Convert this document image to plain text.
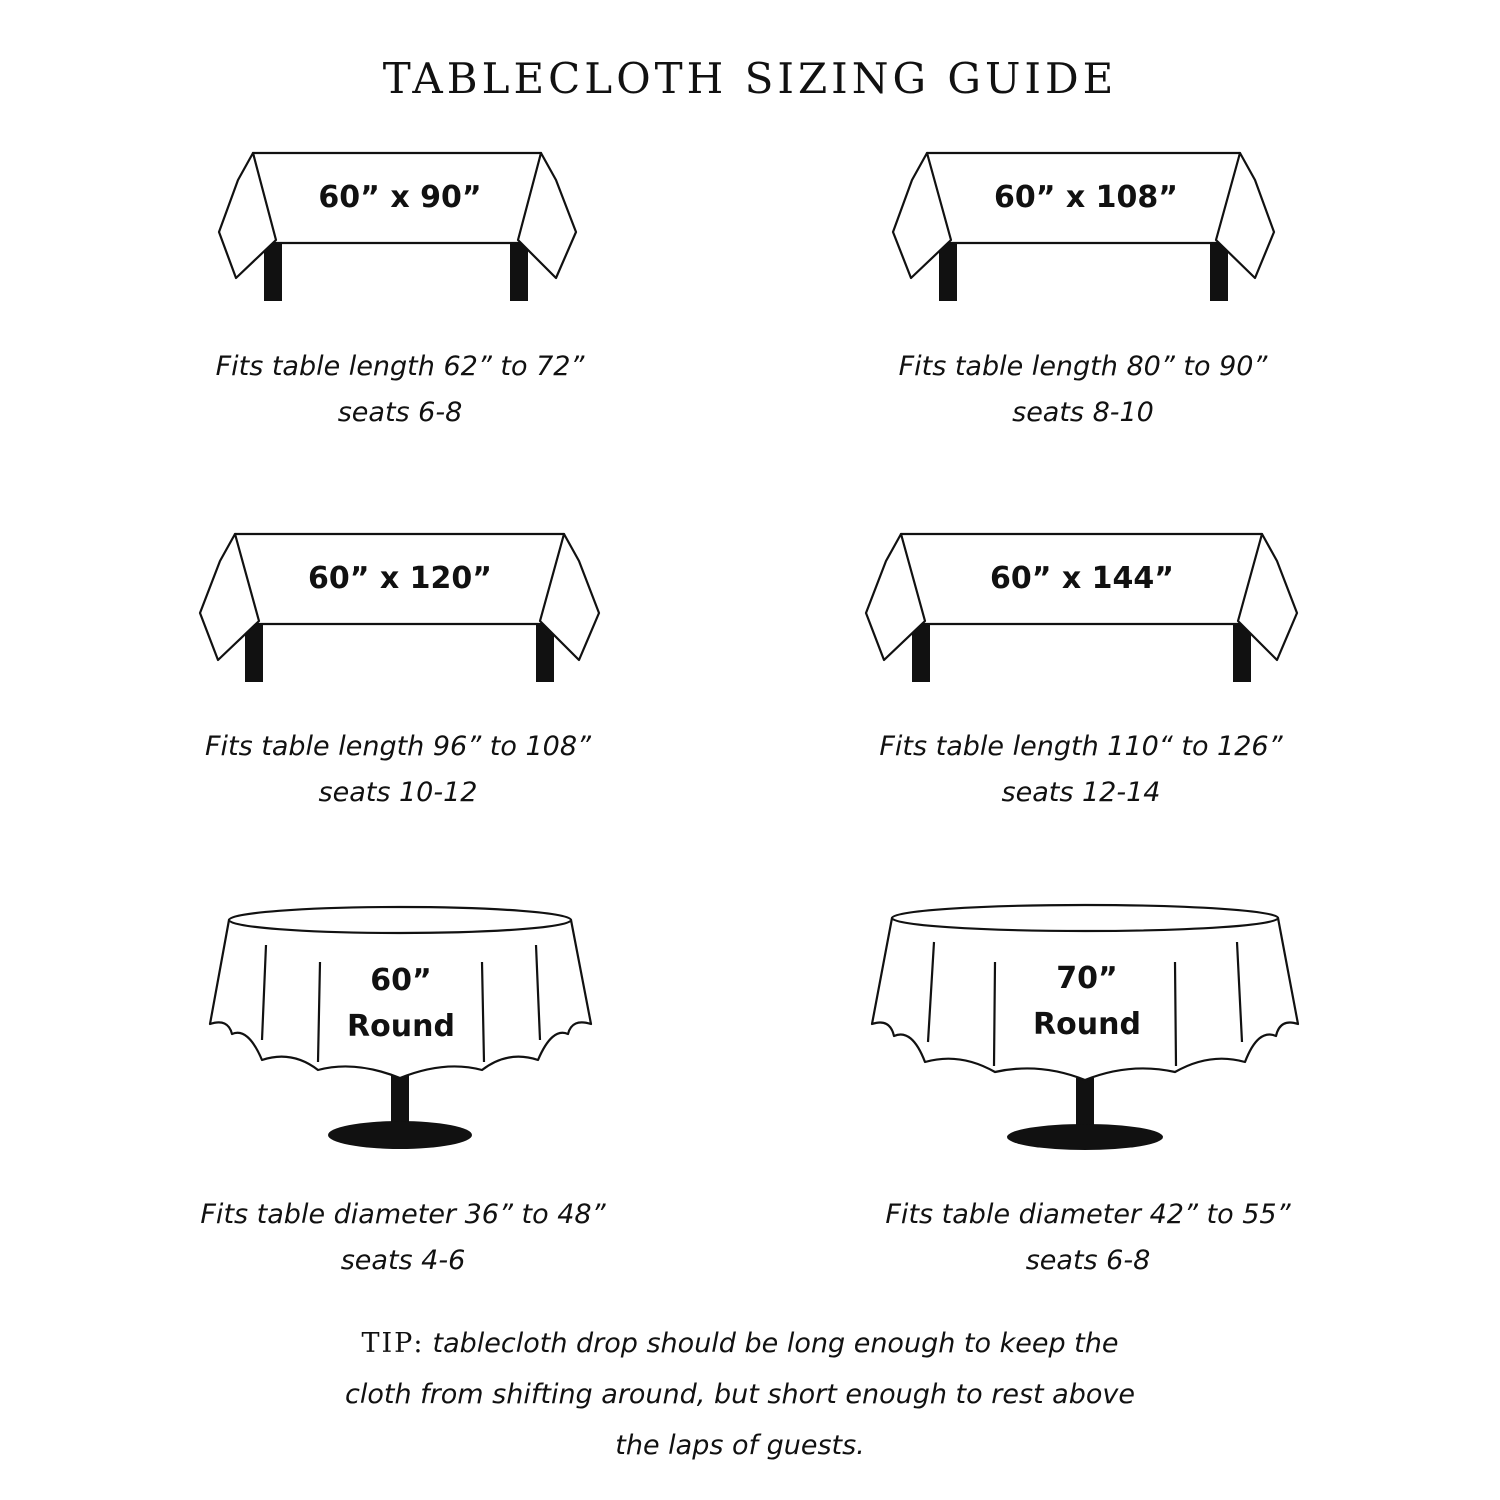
TABLECLOTH SIZING GUIDE
60” x 90”	60” x 108”
Fits table length 62” to 72”
seats 6-8
Fits table length 80” to 90”
seats 8-10
60” x 120”	60” x 144”
Fits table length 96” to 108”
seats 10-12
Fits table length 110“ to 126”
seats 12-14
60”
Round
70”
Round
Fits table diameter 36” to 48”
seats 4-6
Fits table diameter 42” to 55”
seats 6-8
TIP: tablecloth drop should be long enough to keep the
cloth from shifting around, but short enough to rest above
the laps of guests.
